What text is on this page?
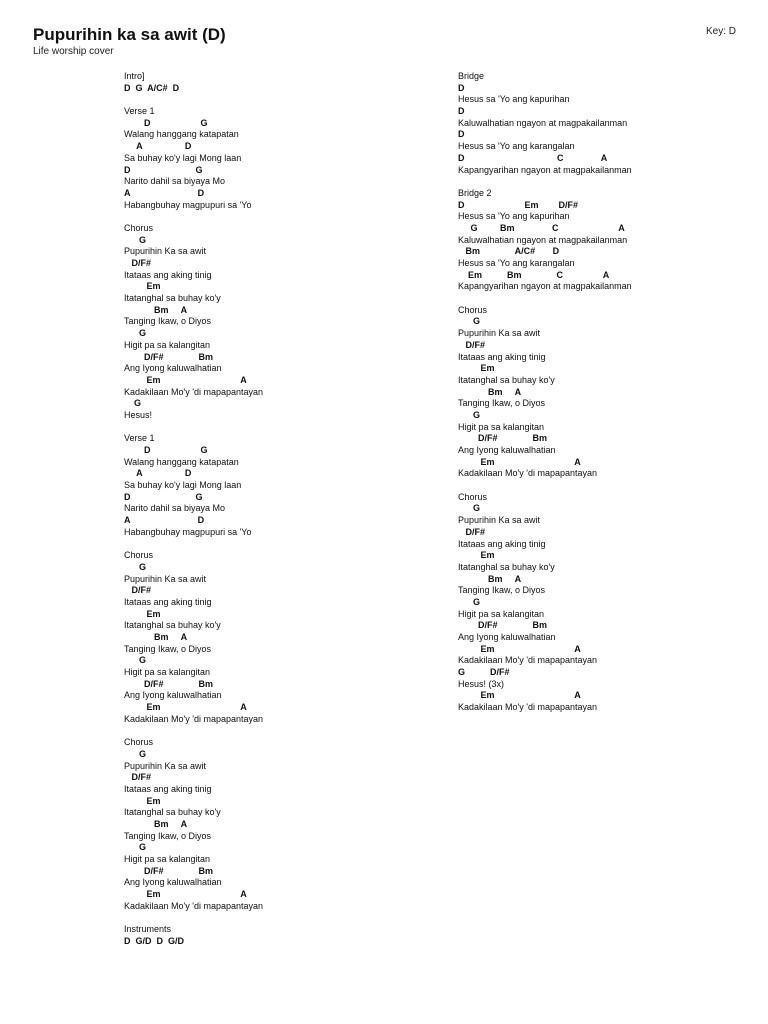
Pupurihin ka sa awit (D)
Life worship cover
Key: D
Intro]
D  G  A/C#  D
Verse 1
D                    G
Walang hanggang katapatan
A                 D
Sa buhay ko'y lagi Mong laan
D                          G
Narito dahil sa biyaya Mo
A                           D
Habangbuhay magpupuri sa 'Yo
Chorus
G
Pupurihin Ka sa awit
D/F#
Itataas ang aking tinig
Em
Itatanghal sa buhay ko'y
Bm     A
Tanging Ikaw, o Diyos
G
Higit pa sa kalangitan
D/F#              Bm
Ang Iyong kaluwalhatian
Em                                A
Kadakilaan Mo'y 'di mapapantayan
G
Hesus!
Verse 1
D                    G
Walang hanggang katapatan
A                 D
Sa buhay ko'y lagi Mong laan
D                          G
Narito dahil sa biyaya Mo
A                           D
Habangbuhay magpupuri sa 'Yo
Chorus
G
Pupurihin Ka sa awit
D/F#
Itataas ang aking tinig
Em
Itatanghal sa buhay ko'y
Bm     A
Tanging Ikaw, o Diyos
G
Higit pa sa kalangitan
D/F#              Bm
Ang Iyong kaluwalhatian
Em                                A
Kadakilaan Mo'y 'di mapapantayan
Chorus
G
Pupurihin Ka sa awit
D/F#
Itataas ang aking tinig
Em
Itatanghal sa buhay ko'y
Bm     A
Tanging Ikaw, o Diyos
G
Higit pa sa kalangitan
D/F#              Bm
Ang Iyong kaluwalhatian
Em                                A
Kadakilaan Mo'y 'di mapapantayan
Instruments
D  G/D  D  G/D
Bridge
D
Hesus sa 'Yo ang kapurihan
D
Kaluwalhatian ngayon at magpakailanman
D
Hesus sa 'Yo ang karangalan
D                                     C               A
Kapangyarihan ngayon at magpakailanman
Bridge 2
D                        Em        D/F#
Hesus sa 'Yo ang kapurihan
G         Bm               C                        A
Kaluwalhatian ngayon at magpakailanman
Bm              A/C#       D
Hesus sa 'Yo ang karangalan
Em          Bm              C                A
Kapangyarihan ngayon at magpakailanman
Chorus
G
Pupurihin Ka sa awit
D/F#
Itataas ang aking tinig
Em
Itatanghal sa buhay ko'y
Bm     A
Tanging Ikaw, o Diyos
G
Higit pa sa kalangitan
D/F#              Bm
Ang Iyong kaluwalhatian
Em                                A
Kadakilaan Mo'y 'di mapapantayan
Chorus
G
Pupurihin Ka sa awit
D/F#
Itataas ang aking tinig
Em
Itatanghal sa buhay ko'y
Bm     A
Tanging Ikaw, o Diyos
G
Higit pa sa kalangitan
D/F#              Bm
Ang Iyong kaluwalhatian
Em                                A
Kadakilaan Mo'y 'di mapapantayan
G          D/F#
Hesus! (3x)
Em                                A
Kadakilaan Mo'y 'di mapapantayan
